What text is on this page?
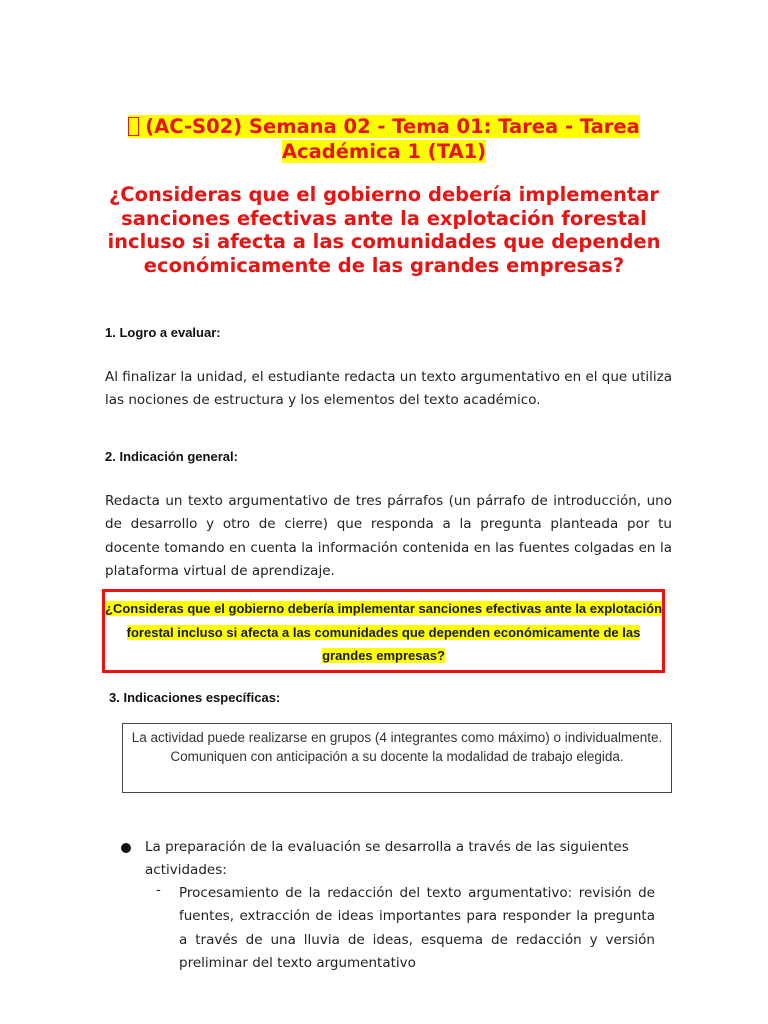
(AC-S02) Semana 02 - Tema 01: Tarea - Tarea Académica 1 (TA1)
¿Consideras que el gobierno debería implementar sanciones efectivas ante la explotación forestal incluso si afecta a las comunidades que dependen económicamente de las grandes empresas?
1. Logro a evaluar:
Al finalizar la unidad, el estudiante redacta un texto argumentativo en el que utiliza las nociones de estructura y los elementos del texto académico.
2. Indicación general:
Redacta un texto argumentativo de tres párrafos (un párrafo de introducción, uno de desarrollo y otro de cierre) que responda a la pregunta planteada por tu docente tomando en cuenta la información contenida en las fuentes colgadas en la plataforma virtual de aprendizaje.
¿Consideras que el gobierno debería implementar sanciones efectivas ante la explotación forestal incluso si afecta a las comunidades que dependen económicamente de las grandes empresas?
3. Indicaciones específicas:
La actividad puede realizarse en grupos (4 integrantes como máximo) o individualmente. Comuniquen con anticipación a su docente la modalidad de trabajo elegida.
La preparación de la evaluación se desarrolla a través de las siguientes actividades:
- Procesamiento de la redacción del texto argumentativo: revisión de fuentes, extracción de ideas importantes para responder la pregunta a través de una lluvia de ideas, esquema de redacción y versión preliminar del texto argumentativo
